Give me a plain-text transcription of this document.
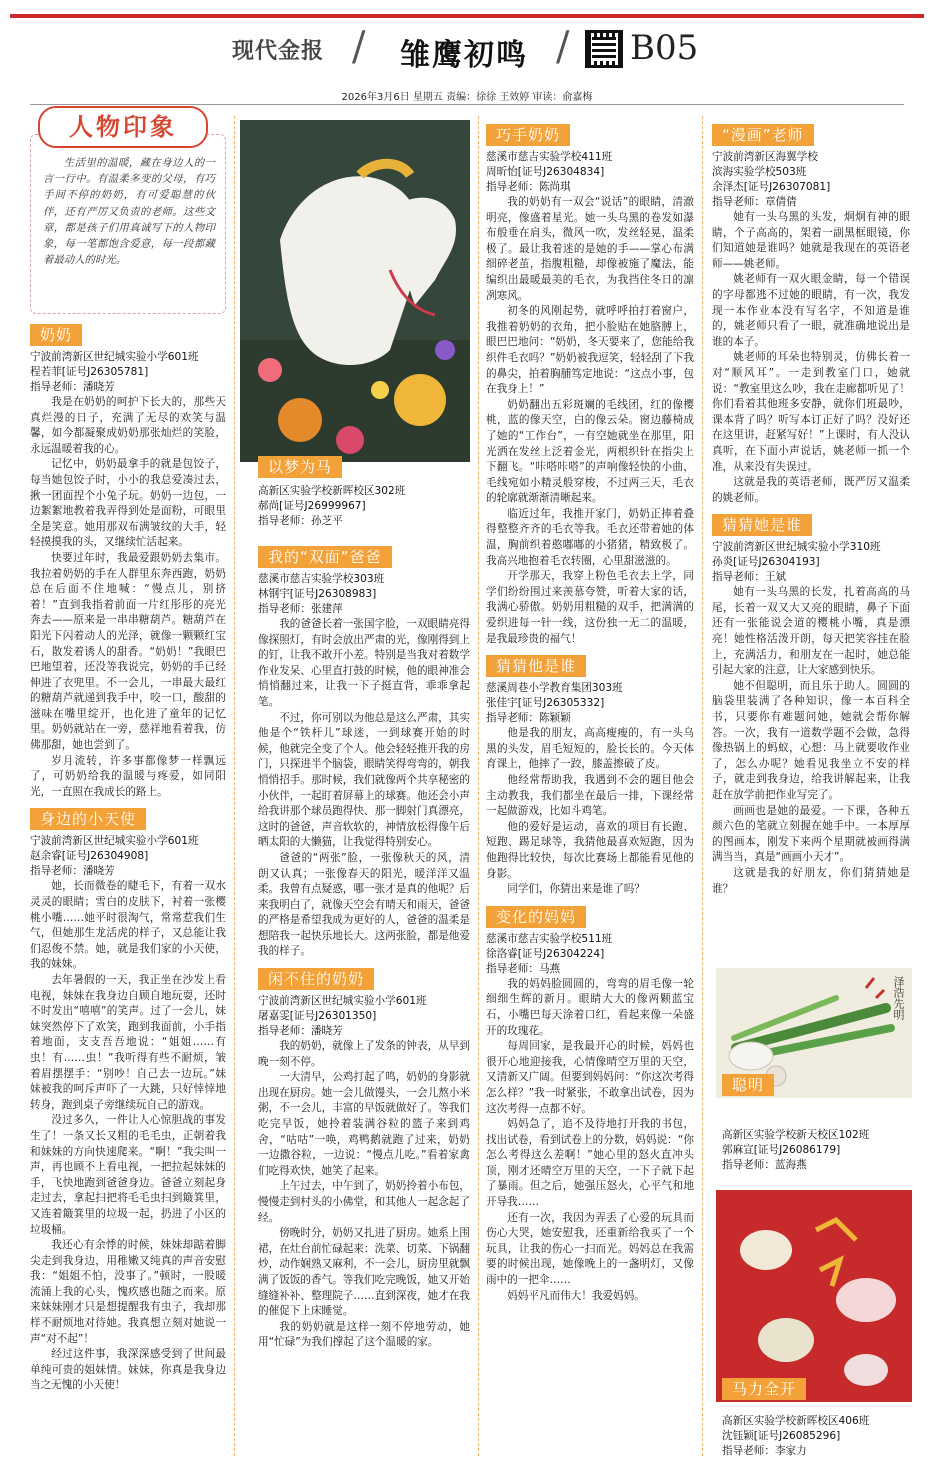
现代金报 / 雏鹰初鸣 / B05
2026年3月6日 星期五 责编：徐徐 王效婷 审读：俞嘉梅

生活里的温暖，藏在身边人的一言一行中。有温柔多变的父母，有巧手间不停的奶奶，有可爱聪慧的伙伴，还有严厉又负责的老师。这些文章，都是孩子们用真诚写下的人物印象，每一笔都饱含爱意，每一段都藏着最动人的时光。

人物印象
奶奶
宁波前湾新区世纪城实验小学601班
程若菲[证号J26305781]
指导老师：潘晓芳

我是在奶奶的呵护下长大的，那些天真烂漫的日子，充满了无尽的欢笑与温馨，如今都凝聚成奶奶那张灿烂的笑脸，永远温暖着我的心。

记忆中，奶奶最拿手的就是包饺子，每当她包饺子时，小小的我总爱凑过去，揪一团面捏个小兔子玩。奶奶一边包，一边絮絮地教着我弄得到处是面粉，可眼里全是笑意。她用那双布满皱纹的大手，轻轻摸摸我的头，又继续忙活起来。

快要过年时，我最爱跟奶奶去集市。我拉着奶奶的手在人群里东奔西跑，奶奶总在后面不住地喊：“慢点儿，别挤着！”直到我指着前面一片红彤彤的亮光奔去——原来是一串串糖葫芦。糖葫芦在阳光下闪着动人的光泽，就像一颗颗红宝石，散发着诱人的甜香。“奶奶！”我眼巴巴地望着，还没等我说完，奶奶的手已经伸进了衣兜里。不一会儿，一串最大最红的糖葫芦就递到我手中，咬一口，酸甜的滋味在嘴里绽开，也化进了童年的记忆里。奶奶就站在一旁，慈祥地看着我，仿佛那甜，她也尝到了。

岁月流转，许多事都像梦一样飘远了，可奶奶给我的温暖与疼爱，如同阳光，一直照在我成长的路上。

身边的小天使
宁波前湾新区世纪城实验小学601班
赵余睿[证号J26304908]
指导老师：潘晓芳

她，长而微卷的睫毛下，有着一双水灵灵的眼睛；雪白的皮肤下，衬着一张樱桃小嘴……她平时很淘气，常常惹我们生气，但她那生龙活虎的样子，又总能让我们忍俊不禁。她，就是我们家的小天使，我的妹妹。

去年暑假的一天，我正坐在沙发上看电视，妹妹在我身边自顾自地玩耍，还时不时发出“嘻嘻”的笑声。过了一会儿，妹妹突然停下了欢笑，跑到我面前，小手指着地面，支支吾吾地说：“姐姐……有虫！有……虫！”我听得有些不耐烦，皱着眉摆摆手：“别吵！自己去一边玩。”妹妹被我的呵斥声吓了一大跳，只好悻悻地转身，跑到桌子旁继续玩自己的游戏。

没过多久，一件让人心惊胆战的事发生了！一条又长又粗的毛毛虫，正朝着我和妹妹的方向快速爬来。“啊！”我尖叫一声，再也顾不上看电视，一把拉起妹妹的手，飞快地跑到爸爸身边。爸爸立刻起身走过去，拿起扫把将毛毛虫扫到簸箕里，又连着簸箕里的垃圾一起，扔进了小区的垃圾桶。

我还心有余悸的时候，妹妹却踮着脚尖走到我身边，用稚嫩又纯真的声音安慰我：“姐姐不怕，没事了。”顿时，一股暖流涌上我的心头，愧疚感也随之而来。原来妹妹刚才只是想提醒我有虫子，我却那样不耐烦地对待她。我真想立刻对她说一声“对不起”！

经过这件事，我深深感受到了世间最单纯可贵的姐妹情。妹妹，你真是我身边当之无愧的小天使！

以梦为马
高新区实验学校新晖校区302班
郝尚[证号J26999967]
指导老师：孙芝平
我的“双面”爸爸
慈溪市慈吉实验学校303班
林钢宇[证号J26308983]
指导老师：张建萍

我的爸爸长着一张国字脸，一双眼睛亮得像探照灯，有时会放出严肃的光，像刚得到上的钉，让我不敢开小差。特别是当我对着数学作业发呆、心里直打鼓的时候，他的眼神准会悄悄翻过来，让我一下子挺直背，乖乖拿起笔。

不过，你可别以为他总是这么严肃，其实他是个“铁杆儿”球迷，一到球赛开始的时候，他就完全变了个人。他会轻轻推开我的房门，只探进半个脑袋，眼睛笑得弯弯的，朝我悄悄招手。那时候，我们就像两个共享秘密的小伙伴，一起盯着屏幕上的球赛。他还会小声给我讲那个球员跑得快、那一脚射门真漂亮，这时的爸爸，声音软软的，神情放松得像午后晒太阳的大懒猫，让我觉得特别安心。

爸爸的“两张”脸，一张像秋天的风，清朗又认真；一张像春天的阳光，暖洋洋又温柔。我曾有点疑惑，哪一张才是真的他呢？后来我明白了，就像天空会有晴天和雨天，爸爸的严格是希望我成为更好的人，爸爸的温柔是想陪我一起快乐地长大。这两张脸，都是他爱我的样子。

闲不住的奶奶
宁波前湾新区世纪城实验小学601班
屠嘉雯[证号J26301350]
指导老师：潘晓芳

我的奶奶，就像上了发条的钟表，从早到晚一刻不停。

一大清早，公鸡打起了鸣，奶奶的身影就出现在厨房。她一会儿做馒头，一会儿熬小米粥，不一会儿，丰富的早饭就做好了。等我们吃完早饭，她拎着装满谷粒的篮子来到鸡舍，“咕咕”一唤，鸡鸭鹅就跑了过来，奶奶一边撒谷粒，一边说：“慢点儿吃。”看着家禽们吃得欢快，她笑了起来。

上午过去，中午到了，奶奶拎着小布包，慢慢走到村头的小佛堂，和其他人一起念起了经。

傍晚时分，奶奶又扎进了厨房。她系上围裙，在灶台前忙碌起来：洗菜、切菜、下锅翻炒，动作娴熟又麻利，不一会儿，厨房里就飘满了饭饭的香气。等我们吃完晚饭，她又开始缝缝补补、整理院子……直到深夜，她才在我的催促下上床睡觉。

我的奶奶就是这样一刻不停地劳动，她用“忙碌”为我们撑起了这个温暖的家。

巧手奶奶
慈溪市慈吉实验学校411班
周昕怡[证号J26304834]
指导老师：陈尚琪

我的奶奶有一双会“说话”的眼睛，清澈明亮，像盛着星光。她一头乌黑的卷发如瀑布般垂在肩头，微风一吹，发丝轻晃，温柔极了。最让我着迷的是她的手——掌心布满细碎老茧，指腹粗糙，却像被施了魔法，能编织出最暖最美的毛衣，为我挡住冬日的凛冽寒风。

初冬的风刚起势，就呼呼拍打着窗户，我推着奶奶的衣角，把小脸贴在她胳膊上，眼巴巴地问：“奶奶，冬天要来了，您能给我织件毛衣吗？”奶奶被我逗笑，轻轻刮了下我的鼻尖，拍着胸脯笃定地说：“这点小事，包在我身上！”

奶奶翻出五彩斑斓的毛线团，红的像樱桃，蓝的像天空，白的像云朵。窗边藤椅成了她的“工作台”，一有空她就坐在那里，阳光洒在发丝上泛着金光，两根织针在指尖上下翻飞。“咔嗒咔嗒”的声响像轻快的小曲，毛线宛如小精灵般穿梭，不过两三天，毛衣的轮廓就渐渐清晰起来。

临近过年，我推开家门，奶奶正捧着叠得整整齐齐的毛衣等我。毛衣还带着她的体温，胸前织着憨嘟嘟的小猪猪，精致极了。我高兴地抱着毛衣转圈，心里甜滋滋的。

开学那天，我穿上粉色毛衣去上学，同学们纷纷围过来羡慕夸赞，听着大家的话，我满心骄傲。奶奶用粗糙的双手，把满满的爱织进每一针一线，这份独一无二的温暖，是我最珍贵的福气！

猜猜他是谁
慈溪周巷小学教育集团303班
张佳宇[证号J26305332]
指导老师：陈颖颖

他是我的朋友，高高瘦瘦的，有一头乌黑的头发，眉毛短短的，脸长长的。今天体育课上，他摔了一跤，膝盖擦破了皮。

他经常帮助我，我遇到不会的题目他会主动教我，我们都坐在最后一排，下课经常一起做游戏，比如斗鸡笔。

他的爱好是运动，喜欢的项目有长跑、短跑、踢足球等，我猜他最喜欢短跑，因为他跑得比较快，每次比赛场上都能看见他的身影。

同学们，你猜出来是谁了吗？

变化的妈妈
慈溪市慈吉实验学校511班
徐洛睿[证号J26304224]
指导老师：马燕

我的妈妈脸圆圆的，弯弯的眉毛像一轮细细生辉的新月。眼睛大大的像两颗蓝宝石，小嘴巴每天涂着口红，看起来像一朵盛开的玫瑰花。

每周回家，是我最开心的时候，妈妈也很开心地迎接我，心情像晴空万里的天空，又清新又广阔。但要到妈妈问：“你这次考得怎么样？”我一时紧张，不敢拿出试卷，因为这次考得一点都不好。

妈妈急了，追不及待地打开我的书包，找出试卷，看到试卷上的分数，妈妈说：“你怎么考得这么差啊！”她心里的怒火直冲头顶，刚才还晴空万里的天空，一下子就下起了暴雨。但之后，她强压怒火，心平气和地开导我……

还有一次，我因为弄丢了心爱的玩具而伤心大哭，她安慰我，还重新给我买了一个玩具，让我的伤心一扫而光。妈妈总在我需要的时候出现，她像晚上的一盏明灯，又像雨中的一把伞……

妈妈平凡而伟大！我爱妈妈。

“漫画”老师
宁波前湾新区海翼学校
滨海实验学校503班
余泽杰[证号J26307081]
指导老师：章倩倩

她有一头乌黑的头发，炯炯有神的眼睛，个子高高的，架着一副黑框眼镜，你们知道她是谁吗？她就是我现在的英语老师——姚老师。

姚老师有一双火眼金睛，每一个错误的字母都逃不过她的眼睛，有一次，我发现一本作业本没有写名字，不知道是谁的，姚老师只看了一眼，就准确地说出是谁的本子。

姚老师的耳朵也特别灵，仿佛长着一对“顺风耳”。一走到教室门口，她就说：“教室里这么吵，我在走廊都听见了！你们看着其他班多安静，就你们班最吵，课本背了吗？听写本订正好了吗？没好还在这里讲，赶紧写好！”上课时，有人没认真听，在下面小声说话，姚老师一抓一个准，从来没有失误过。

这就是我的英语老师，既严厉又温柔的姚老师。

猜猜她是谁
宁波前湾新区世纪城实验小学310班
孙炎[证号J26304193]
指导老师：王斌

她有一头乌黑的长发，扎着高高的马尾，长着一双又大又亮的眼睛，鼻子下面还有一张能说会道的樱桃小嘴，真是漂亮！她性格活泼开朗，每天把笑容挂在脸上，充满活力，和朋友在一起时，她总能引起大家的注意，让大家感到快乐。

她不但聪明，而且乐于助人。圆圆的脑袋里装满了各种知识，像一本百科全书，只要你有难题问她，她就会帮你解答。一次，我有一道数学题不会做，急得像热锅上的蚂蚁，心想：马上就要收作业了，怎么办呢？她看见我坐立不安的样子，就走到我身边，给我讲解起来，让我赶在放学前把作业写完了。

画画也是她的最爱。一下课，各种五颜六色的笔就立刻握在她手中。一本厚厚的图画本，刚发下来两个星期就被画得满满当当，真是“画画小天才”。

这就是我的好朋友，你们猜猜她是谁？

泽浩先明
聪明
高新区实验学校新天校区102班
郭麻宣[证号J26086179]
指导老师：蓝海燕
马力全开
高新区实验学校新晖校区406班
沈钰颖[证号J26085296]
指导老师：李家力
